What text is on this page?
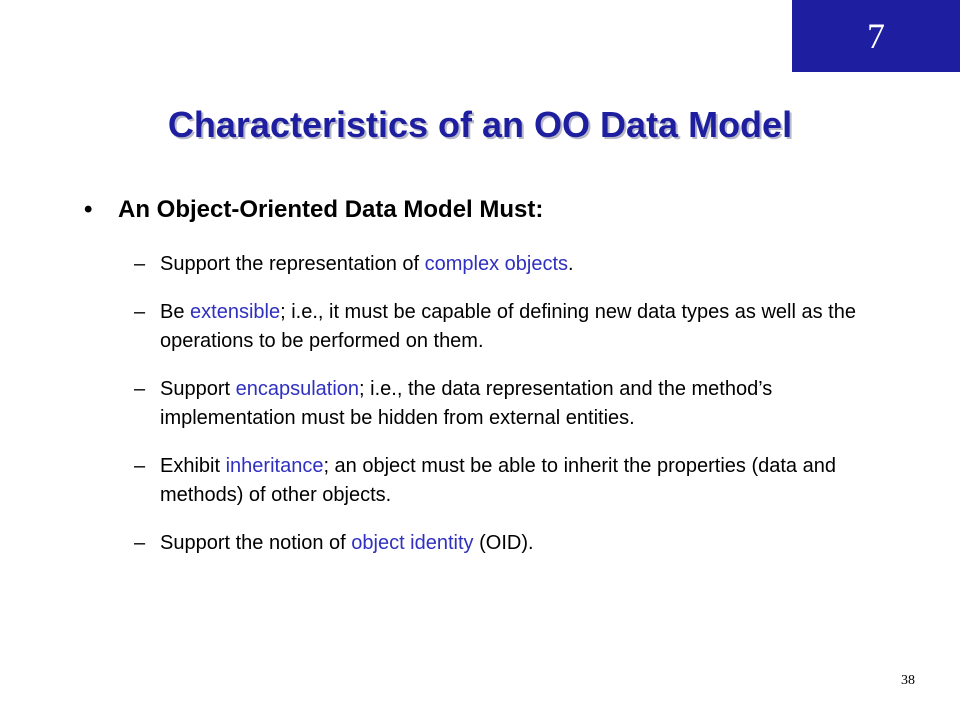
7
Characteristics of an OO Data Model
• An Object-Oriented Data Model Must:
– Support the representation of complex objects.
– Be extensible; i.e., it must be capable of defining new data types as well as the operations to be performed on them.
– Support encapsulation; i.e., the data representation and the method’s implementation must be hidden from external entities.
– Exhibit inheritance; an object must be able to inherit the properties (data and methods) of other objects.
– Support the notion of object identity (OID).
38
